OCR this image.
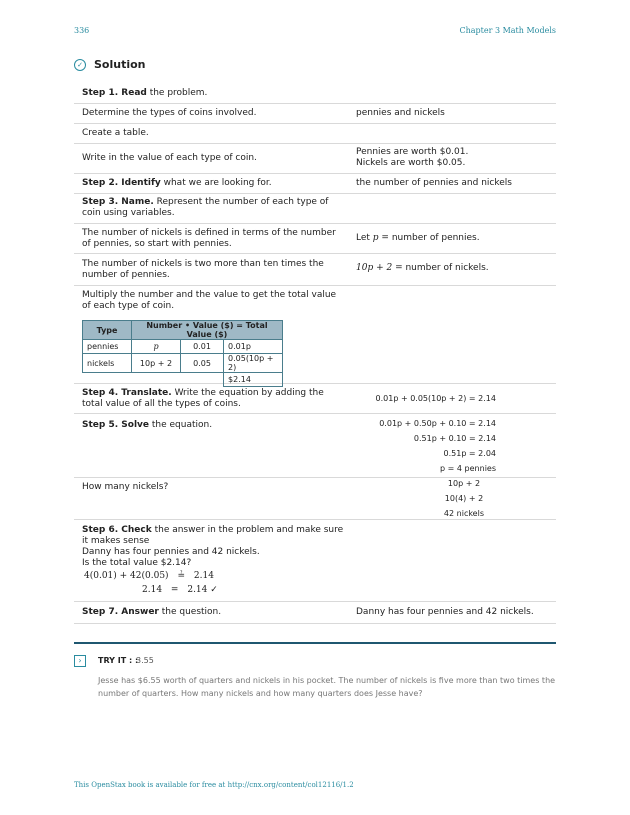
336	Chapter 3 Math Models
✓ Solution
Step 1. Read the problem.
Determine the types of coins involved.	pennies and nickels
Create a table.
Write in the value of each type of coin.
Pennies are worth $0.01.
Nickels are worth $0.05.
Step 2. Identify what we are looking for.	the number of pennies and nickels
Step 3. Name. Represent the number of each type of coin using variables.
The number of nickels is defined in terms of the number of pennies, so start with pennies.
Let p = number of pennies.
The number of nickels is two more than ten times the number of pennies.
10p + 2 = number of nickels.
Multiply the number and the value to get the total value of each type of coin.
Type	Number • Value ($) = Total Value ($)		
pennies	p	0.01	0.01p
nickels	10p + 2	0.05	0.05(10p + 2)
			$2.14
Step 4. Translate. Write the equation by adding the total value of all the types of coins.
0.01p + 0.05(10p + 2) = 2.14
Step 5. Solve the equation.	0.01p + 0.50p + 0.10 = 2.14
0.51p + 0.10 = 2.14
0.51p = 2.04
p = 4 pennies
How many nickels?	10p + 2
10(4) + 2
42 nickels
Step 6. Check the answer in the problem and make sure it makes sense
Danny has four pennies and 42 nickels.
Is the total value $2.14?
4(0.01) + 42(0.05) ≟ 2.14
2.14 = 2.14 ✓
Step 7. Answer the question.	Danny has four pennies and 42 nickels.
›	TRY IT : :
3.55
Jesse has $6.55 worth of quarters and nickels in his pocket. The number of nickels is five more than two times the number of quarters. How many nickels and how many quarters does Jesse have?
This OpenStax book is available for free at http://cnx.org/content/col12116/1.2
